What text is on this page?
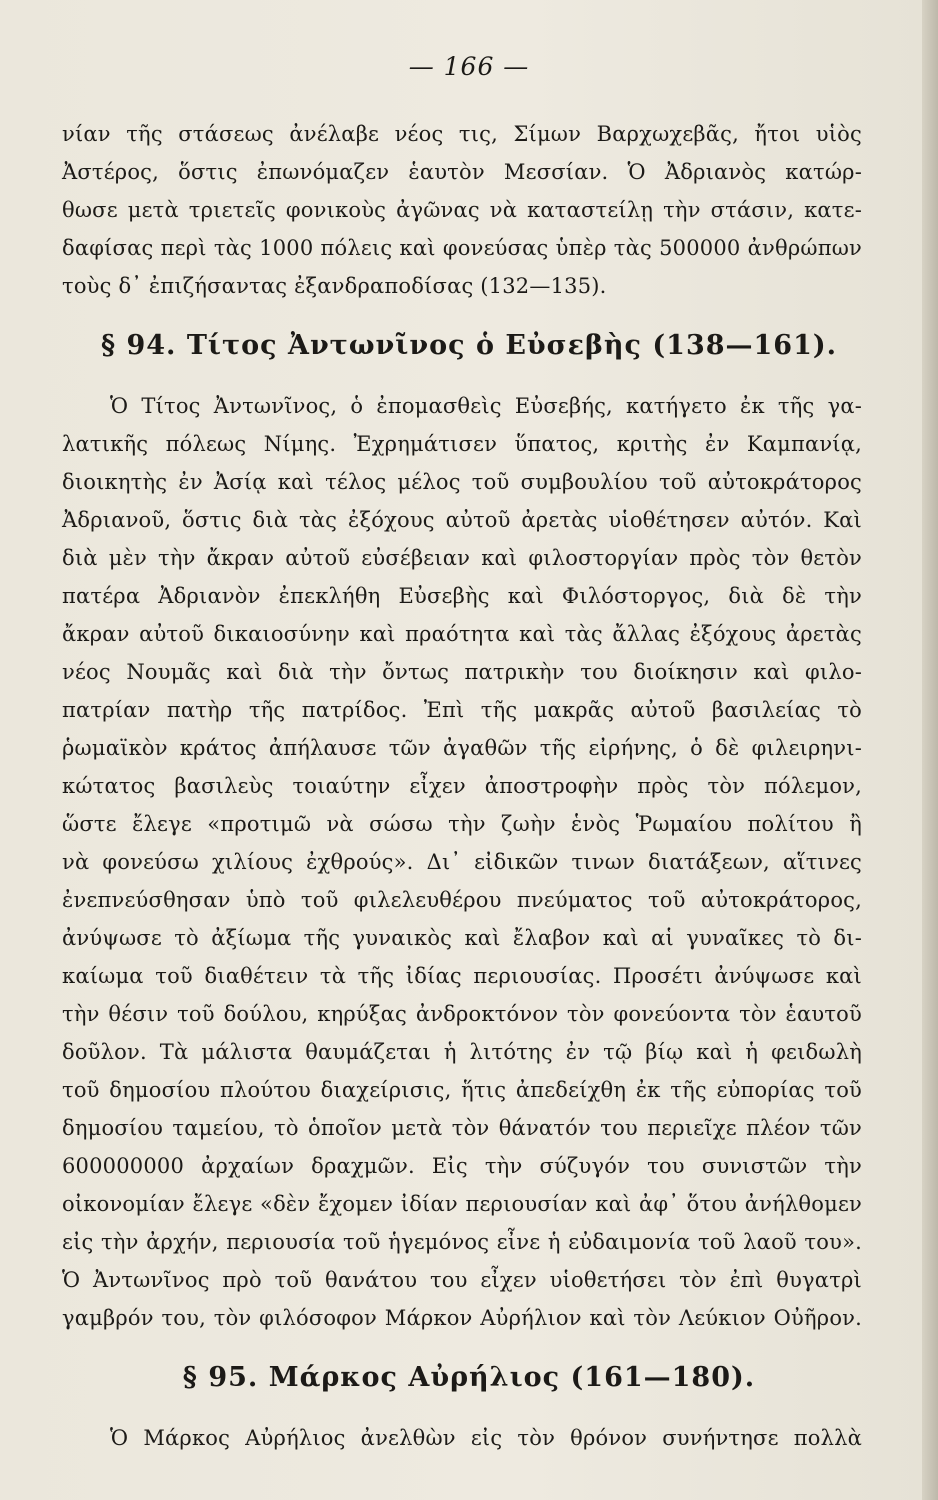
— 166 —
νίαν τῆς στάσεως ἀνέλαβε νέος τις, Σίμων Βαρχωχεβᾶς, ἤτοι υἱὸς
Ἀστέρος, ὅστις ἐπωνόμαζεν ἑαυτὸν Μεσσίαν. Ὁ Ἀδριανὸς κατώρ-
θωσε μετὰ τριετεῖς φονικοὺς ἀγῶνας νὰ καταστείλῃ τὴν στάσιν, κατε-
δαφίσας περὶ τὰς 1000 πόλεις καὶ φονεύσας ὑπὲρ τὰς 500000 ἀνθρώπων
τοὺς δ᾽ ἐπιζήσαντας ἐξανδραποδίσας (132—135).
§ 94. Τίτος Ἀντωνῖνος ὁ Εὐσεβὴς (138—161).
Ὁ Τίτος Ἀντωνῖνος, ὁ ἐπομασθεὶς Εὐσεβής, κατήγετο ἐκ τῆς γα-
λατικῆς πόλεως Νίμης. Ἐχρημάτισεν ὕπατος, κριτὴς ἐν Καμπανίᾳ,
διοικητὴς ἐν Ἀσίᾳ καὶ τέλος μέλος τοῦ συμβουλίου τοῦ αὐτοκράτορος
Ἀδριανοῦ, ὅστις διὰ τὰς ἐξόχους αὐτοῦ ἀρετὰς υἱοθέτησεν αὐτόν. Καὶ
διὰ μὲν τὴν ἄκραν αὐτοῦ εὐσέβειαν καὶ φιλοστοργίαν πρὸς τὸν θετὸν
πατέρα Ἀδριανὸν ἐπεκλήθη Εὐσεβὴς καὶ Φιλόστοργος, διὰ δὲ τὴν
ἄκραν αὐτοῦ δικαιοσύνην καὶ πραότητα καὶ τὰς ἄλλας ἐξόχους ἀρετὰς
νέος Νουμᾶς καὶ διὰ τὴν ὄντως πατρικὴν του διοίκησιν καὶ φιλο-
πατρίαν πατὴρ τῆς πατρίδος. Ἐπὶ τῆς μακρᾶς αὐτοῦ βασιλείας τὸ
ῥωμαϊκὸν κράτος ἀπήλαυσε τῶν ἀγαθῶν τῆς εἰρήνης, ὁ δὲ φιλειρηνι-
κώτατος βασιλεὺς τοιαύτην εἶχεν ἀποστροφὴν πρὸς τὸν πόλεμον,
ὥστε ἔλεγε «προτιμῶ νὰ σώσω τὴν ζωὴν ἑνὸς Ῥωμαίου πολίτου ἢ
νὰ φονεύσω χιλίους ἐχθρούς». Δι᾽ εἰδικῶν τινων διατάξεων, αἵτινες
ἐνεπνεύσθησαν ὑπὸ τοῦ φιλελευθέρου πνεύματος τοῦ αὐτοκράτορος,
ἀνύψωσε τὸ ἀξίωμα τῆς γυναικὸς καὶ ἔλαβον καὶ αἱ γυναῖκες τὸ δι-
καίωμα τοῦ διαθέτειν τὰ τῆς ἰδίας περιουσίας. Προσέτι ἀνύψωσε καὶ
τὴν θέσιν τοῦ δούλου, κηρύξας ἀνδροκτόνον τὸν φονεύοντα τὸν ἑαυτοῦ
δοῦλον. Τὰ μάλιστα θαυμάζεται ἡ λιτότης ἐν τῷ βίῳ καὶ ἡ φειδωλὴ
τοῦ δημοσίου πλούτου διαχείρισις, ἥτις ἀπεδείχθη ἐκ τῆς εὐπορίας τοῦ
δημοσίου ταμείου, τὸ ὁποῖον μετὰ τὸν θάνατόν του περιεῖχε πλέον τῶν
600000000 ἀρχαίων δραχμῶν. Εἰς τὴν σύζυγόν του συνιστῶν τὴν
οἰκονομίαν ἔλεγε «δὲν ἔχομεν ἰδίαν περιουσίαν καὶ ἀφ᾽ ὅτου ἀνήλθομεν
εἰς τὴν ἀρχήν, περιουσία τοῦ ἡγεμόνος εἶνε ἡ εὐδαιμονία τοῦ λαοῦ του».
Ὁ Ἀντωνῖνος πρὸ τοῦ θανάτου του εἶχεν υἱοθετήσει τὸν ἐπὶ θυγατρὶ
γαμβρόν του, τὸν φιλόσοφον Μάρκον Αὐρήλιον καὶ τὸν Λεύκιον Οὐῆρον.
§ 95. Μάρκος Αὐρήλιος (161—180).
Ὁ Μάρκος Αὐρήλιος ἀνελθὼν εἰς τὸν θρόνον συνήντησε πολλὰ
